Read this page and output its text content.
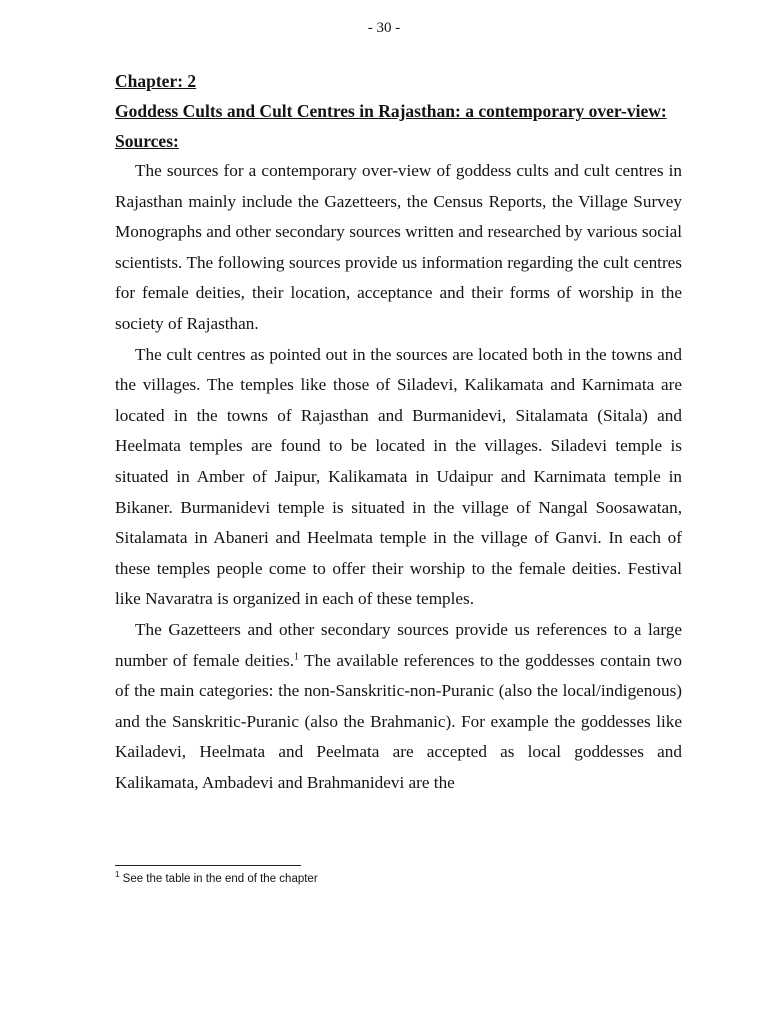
- 30 -

Chapter: 2

Goddess Cults and Cult Centres in Rajasthan: a contemporary over-view:

Sources:

The sources for a contemporary over-view of goddess cults and cult centres in Rajasthan mainly include the Gazetteers, the Census Reports, the Village Survey Monographs and other secondary sources written and researched by various social scientists. The following sources provide us information regarding the cult centres for female deities, their location, acceptance and their forms of worship in the society of Rajasthan.

The cult centres as pointed out in the sources are located both in the towns and the villages. The temples like those of Siladevi, Kalikamata and Karnimata are located in the towns of Rajasthan and Burmanidevi, Sitalamata (Sitala) and Heelmata temples are found to be located in the villages. Siladevi temple is situated in Amber of Jaipur, Kalikamata in Udaipur and Karnimata temple in Bikaner. Burmanidevi temple is situated in the village of Nangal Soosawatan, Sitalamata in Abaneri and Heelmata temple in the village of Ganvi. In each of these temples people come to offer their worship to the female deities. Festival like Navaratra is organized in each of these temples.

The Gazetteers and other secondary sources provide us references to a large number of female deities.$^1$ The available references to the goddesses contain two of the main categories: the non-Sanskritic-non-Puranic (also the local/indigenous) and the Sanskritic-Puranic (also the Brahmanic). For example the goddesses like Kailadevi, Heelmata and Peelmata are accepted as local goddesses and Kalikamata, Ambadevi and Brahmanidevi are the

$^1$ See the table in the end of the chapter
